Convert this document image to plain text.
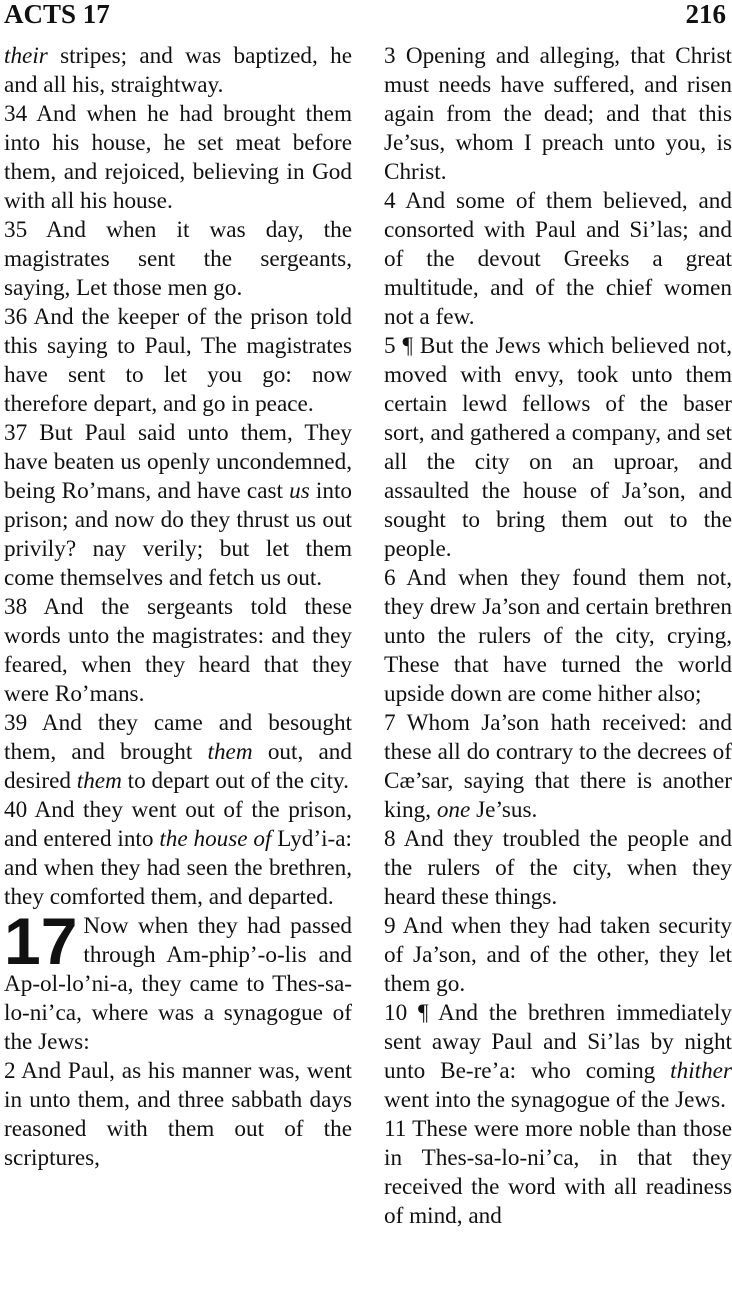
ACTS 17	216
their stripes; and was baptized, he and all his, straightway.
34 And when he had brought them into his house, he set meat before them, and rejoiced, believing in God with all his house.
35 And when it was day, the magistrates sent the sergeants, saying, Let those men go.
36 And the keeper of the prison told this saying to Paul, The magistrates have sent to let you go: now therefore depart, and go in peace.
37 But Paul said unto them, They have beaten us openly uncondemned, being Ro’mans, and have cast us into prison; and now do they thrust us out privily? nay verily; but let them come themselves and fetch us out.
38 And the sergeants told these words unto the magistrates: and they feared, when they heard that they were Ro’mans.
39 And they came and besought them, and brought them out, and desired them to depart out of the city.
40 And they went out of the prison, and entered into the house of Lyd’i-a: and when they had seen the brethren, they comforted them, and departed.
17 Now when they had passed through Am-phip’-o-lis and Ap-ol-lo’ni-a, they came to Thes-sa-lo-ni’ca, where was a synagogue of the Jews:
2 And Paul, as his manner was, went in unto them, and three sabbath days reasoned with them out of the scriptures,
3 Opening and alleging, that Christ must needs have suffered, and risen again from the dead; and that this Je’sus, whom I preach unto you, is Christ.
4 And some of them believed, and consorted with Paul and Si’las; and of the devout Greeks a great multitude, and of the chief women not a few.
5 ¶ But the Jews which believed not, moved with envy, took unto them certain lewd fellows of the baser sort, and gathered a company, and set all the city on an uproar, and assaulted the house of Ja’son, and sought to bring them out to the people.
6 And when they found them not, they drew Ja’son and certain brethren unto the rulers of the city, crying, These that have turned the world upside down are come hither also;
7 Whom Ja’son hath received: and these all do contrary to the decrees of Cæ’sar, saying that there is another king, one Je’sus.
8 And they troubled the people and the rulers of the city, when they heard these things.
9 And when they had taken security of Ja’son, and of the other, they let them go.
10 ¶ And the brethren immediately sent away Paul and Si’las by night unto Be-re’a: who coming thither went into the synagogue of the Jews.
11 These were more noble than those in Thes-sa-lo-ni’ca, in that they received the word with all readiness of mind, and
